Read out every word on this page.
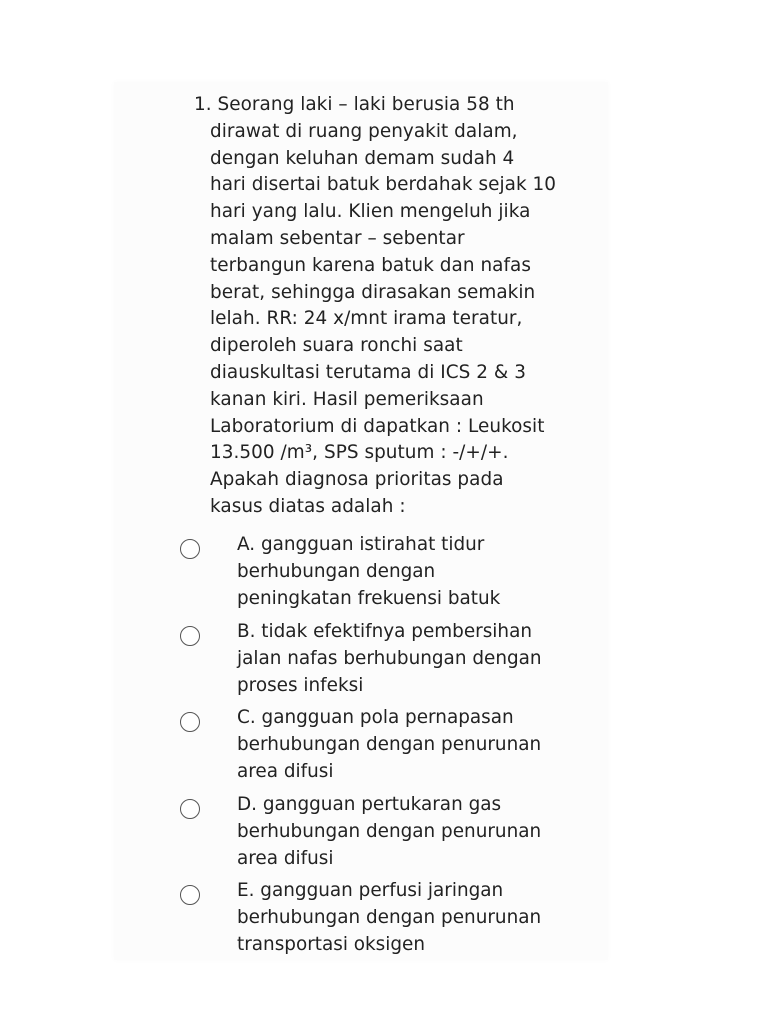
1. Seorang laki – laki berusia 58 th
dirawat di ruang penyakit dalam,
dengan keluhan demam sudah 4
hari disertai batuk berdahak sejak 10
hari yang lalu. Klien mengeluh jika
malam sebentar – sebentar
terbangun karena batuk dan nafas
berat, sehingga dirasakan semakin
lelah. RR: 24 x/mnt irama teratur,
diperoleh suara ronchi saat
diauskultasi terutama di ICS 2 & 3
kanan kiri. Hasil pemeriksaan
Laboratorium di dapatkan : Leukosit
13.500 /m³, SPS sputum : -/+/+.
Apakah diagnosa prioritas pada
kasus diatas adalah :
A. gangguan istirahat tidur
berhubungan dengan
peningkatan frekuensi batuk
B. tidak efektifnya pembersihan
jalan nafas berhubungan dengan
proses infeksi
C. gangguan pola pernapasan
berhubungan dengan penurunan
area difusi
D. gangguan pertukaran gas
berhubungan dengan penurunan
area difusi
E. gangguan perfusi jaringan
berhubungan dengan penurunan
transportasi oksigen
